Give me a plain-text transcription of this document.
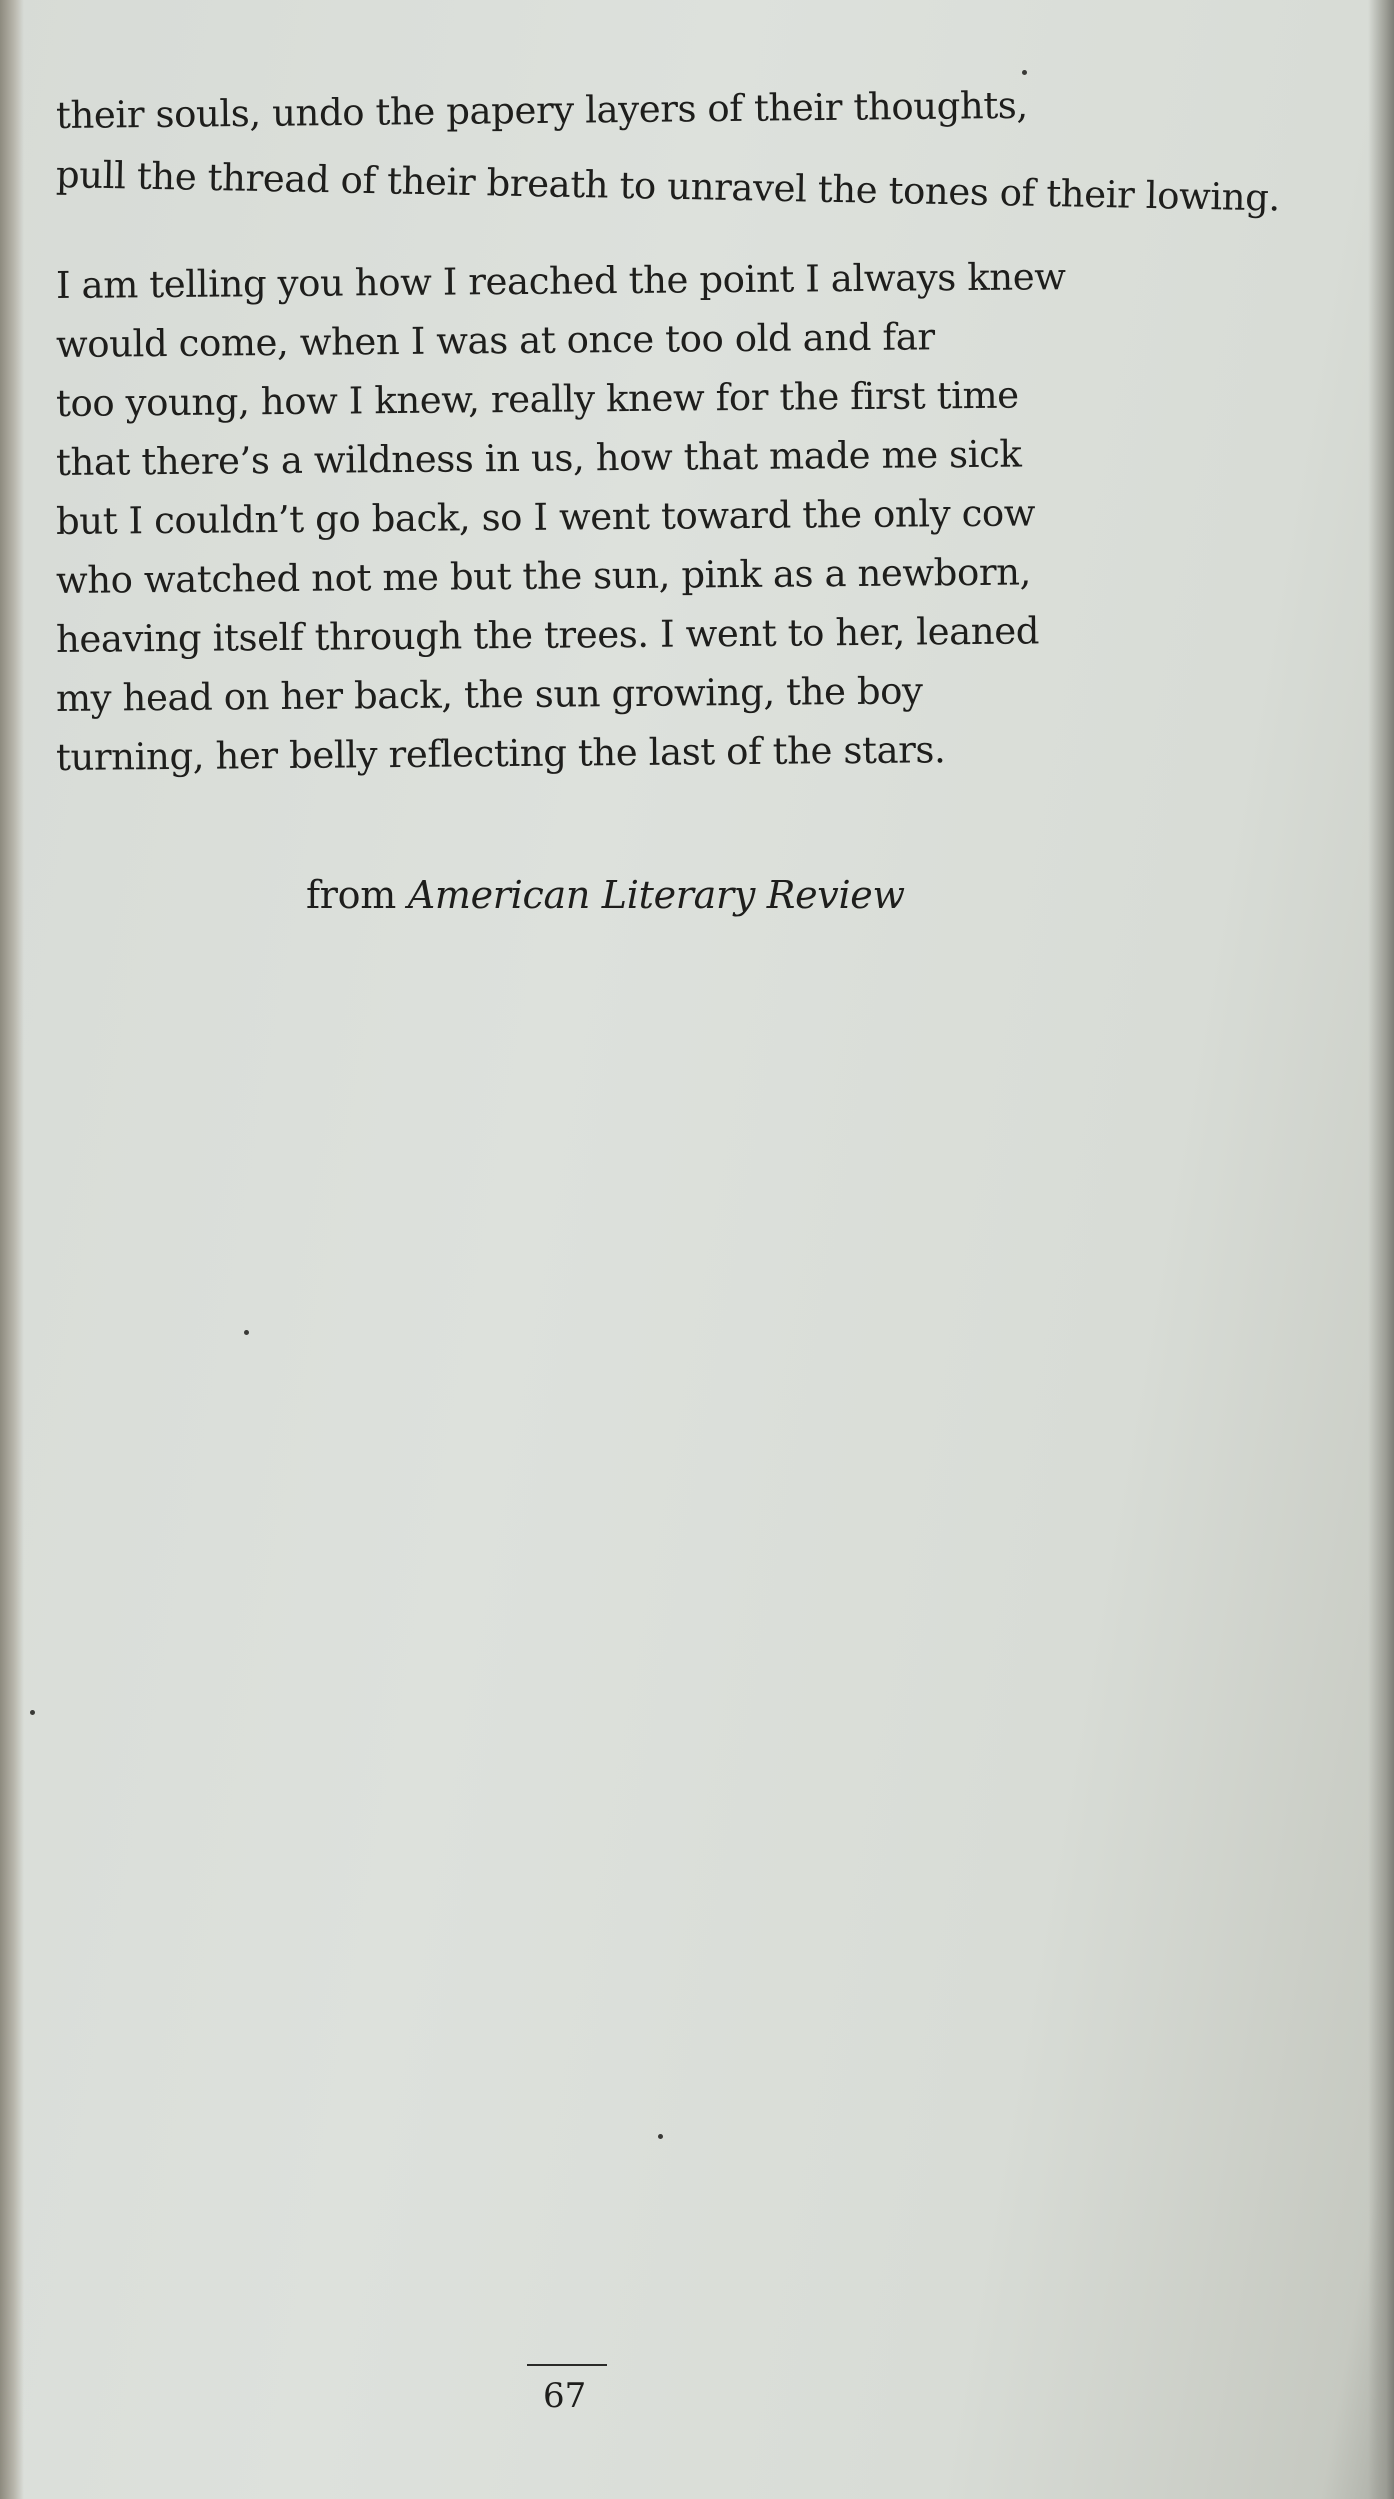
their souls, undo the papery layers of their thoughts,
pull the thread of their breath to unravel the tones of their lowing.
I am telling you how I reached the point I always knew
would come, when I was at once too old and far
too young, how I knew, really knew for the first time
that there’s a wildness in us, how that made me sick
but I couldn’t go back, so I went toward the only cow
who watched not me but the sun, pink as a newborn,
heaving itself through the trees. I went to her, leaned
my head on her back, the sun growing, the boy
turning, her belly reflecting the last of the stars.
from American Literary Review
67
